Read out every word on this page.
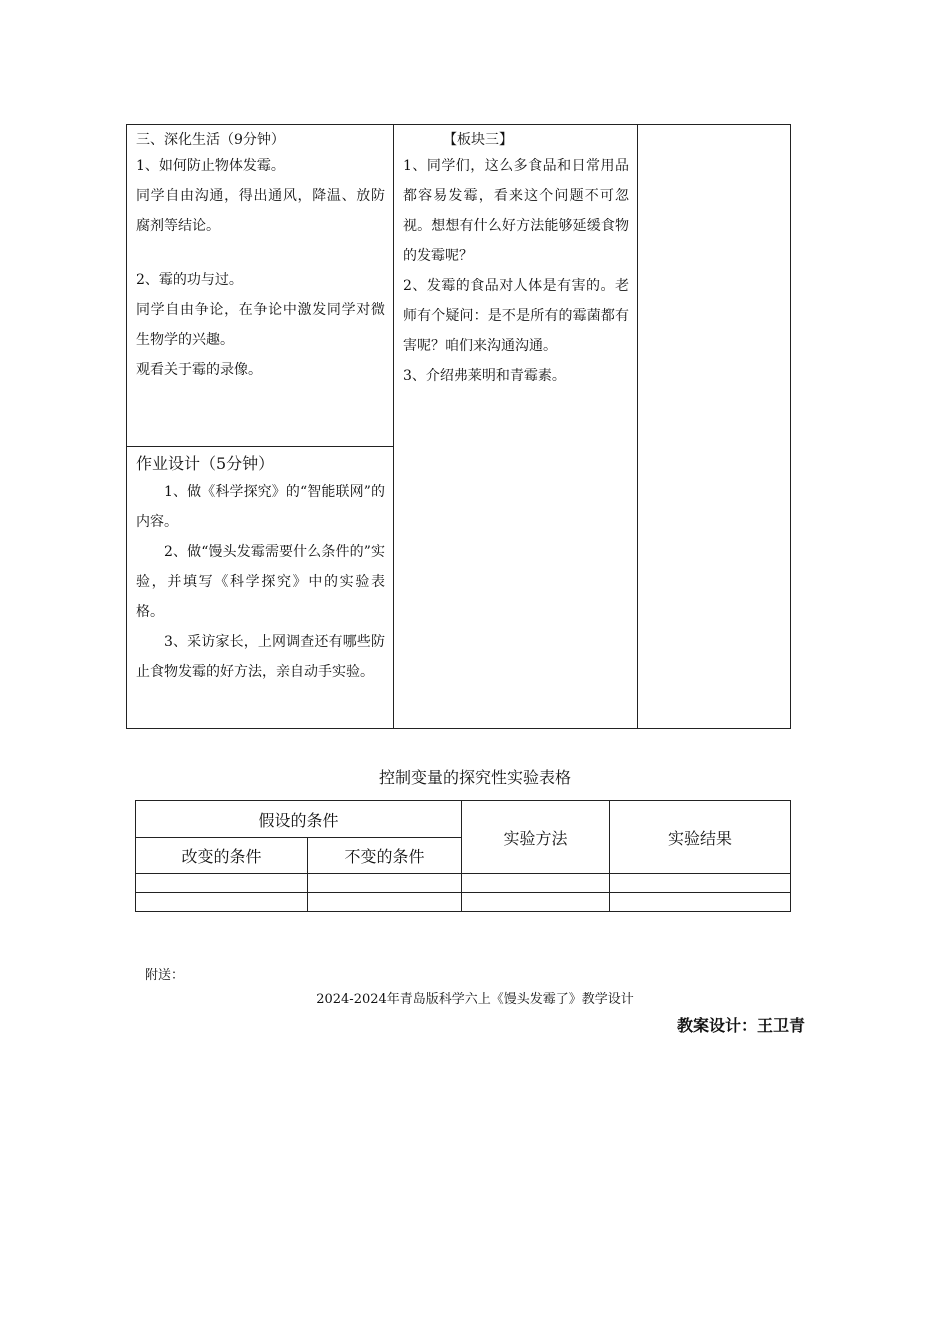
三、深化生活（9分钟）
1、如何防止物体发霉。
同学自由沟通，得出通风，降温、放防腐剂等结论。
2、霉的功与过。
同学自由争论，在争论中激发同学对微生物学的兴趣。
观看关于霉的录像。

【板块三】
1、同学们，这么多食品和日常用品都容易发霉，看来这个问题不可忽视。想想有什么好方法能够延缓食物的发霉呢？
2、发霉的食品对人体是有害的。老师有个疑问：是不是所有的霉菌都有害呢？咱们来沟通沟通。
3、介绍弗莱明和青霉素。

作业设计（5分钟）
1、做《科学探究》的“智能联网”的内容。
2、做“馒头发霉需要什么条件的”实验，并填写《科学探究》中的实验表格。
3、采访家长，上网调查还有哪些防止食物发霉的好方法，亲自动手实验。
控制变量的探究性实验表格
假设的条件		实验方法	实验结果
改变的条件	不变的条件		

附送：
2024-2024年青岛版科学六上《馒头发霉了》教学设计
教案设计：王卫青
